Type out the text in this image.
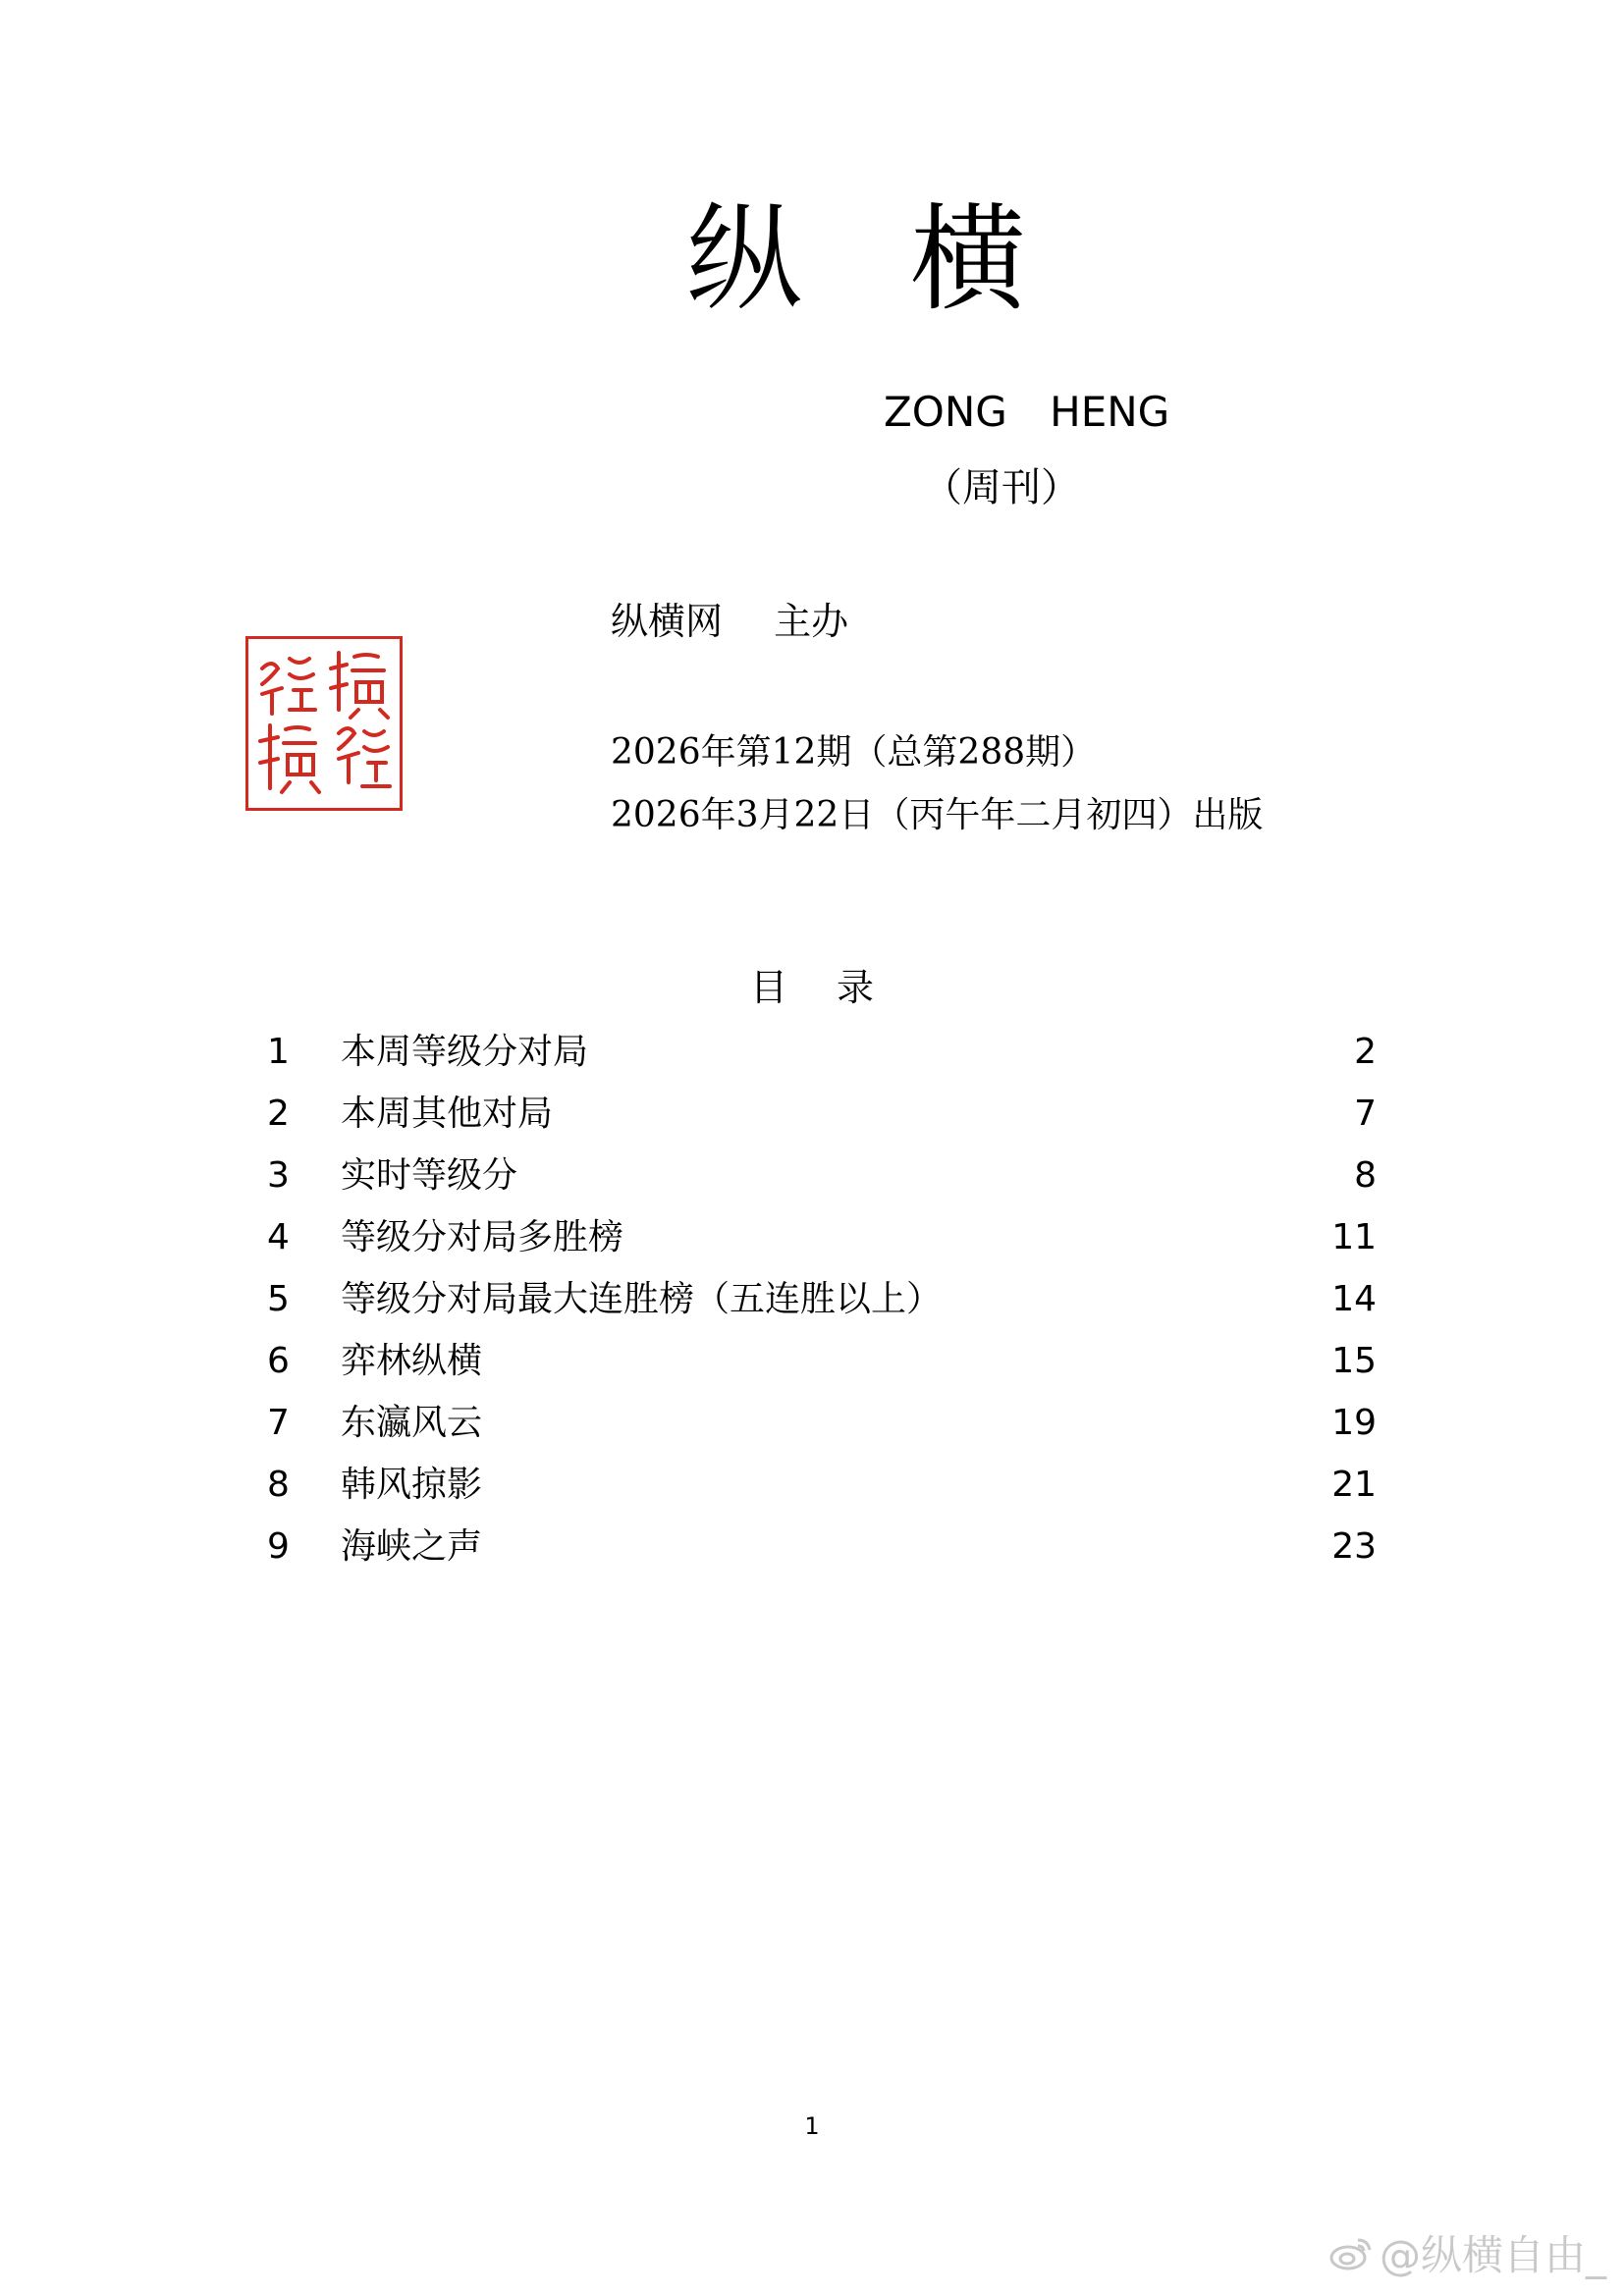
纵横
ZONG HENG
（周刊）
纵横网 主办
2026年第12期（总第288期）
2026年3月22日（丙午年二月初四）出版
目录
1 本周等级分对局	2
2 本周其他对局	7
3 实时等级分	8
4 等级分对局多胜榜	11
5 等级分对局最大连胜榜（五连胜以上）	14
6 弈林纵横	15
7 东瀛风云	19
8 韩风掠影	21
9 海峡之声	23
1
@纵横自由_
